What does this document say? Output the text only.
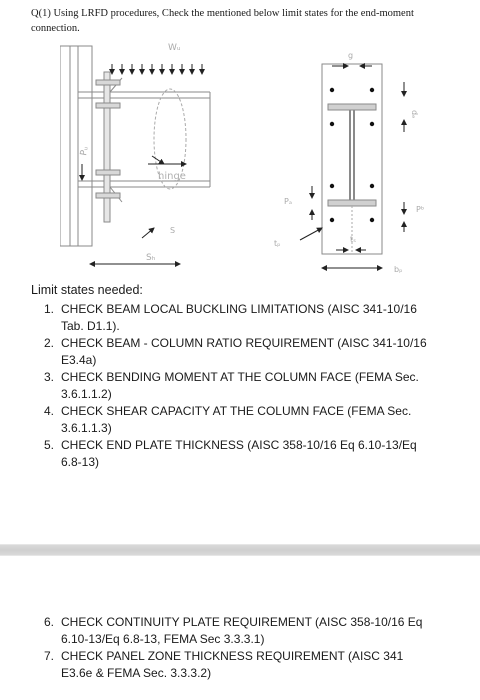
Q(1) Using LRFD procedures, Check the mentioned below limit states for the end-moment connection.
Wᵤ
Pᵤ
hinge
Sₕ
S
g
dₑ
Pₐ
Pᵇ
tₚ	tₛ
bₚ
Limit states needed:
1. CHECK BEAM LOCAL BUCKLING LIMITATIONS (AISC 341-10/16 Tab. D1.1).
2. CHECK BEAM - COLUMN RATIO REQUIREMENT (AISC 341-10/16 E3.4a)
3. CHECK BENDING MOMENT AT THE COLUMN FACE (FEMA Sec. 3.6.1.1.2)
4. CHECK SHEAR CAPACITY AT THE COLUMN FACE (FEMA Sec. 3.6.1.1.3)
5. CHECK END PLATE THICKNESS (AISC 358-10/16 Eq 6.10-13/Eq 6.8-13)
6. CHECK CONTINUITY PLATE REQUIREMENT (AISC 358-10/16 Eq 6.10-13/Eq 6.8-13, FEMA Sec 3.3.3.1)
7. CHECK PANEL ZONE THICKNESS REQUIREMENT (AISC 341 E3.6e & FEMA Sec. 3.3.3.2)
